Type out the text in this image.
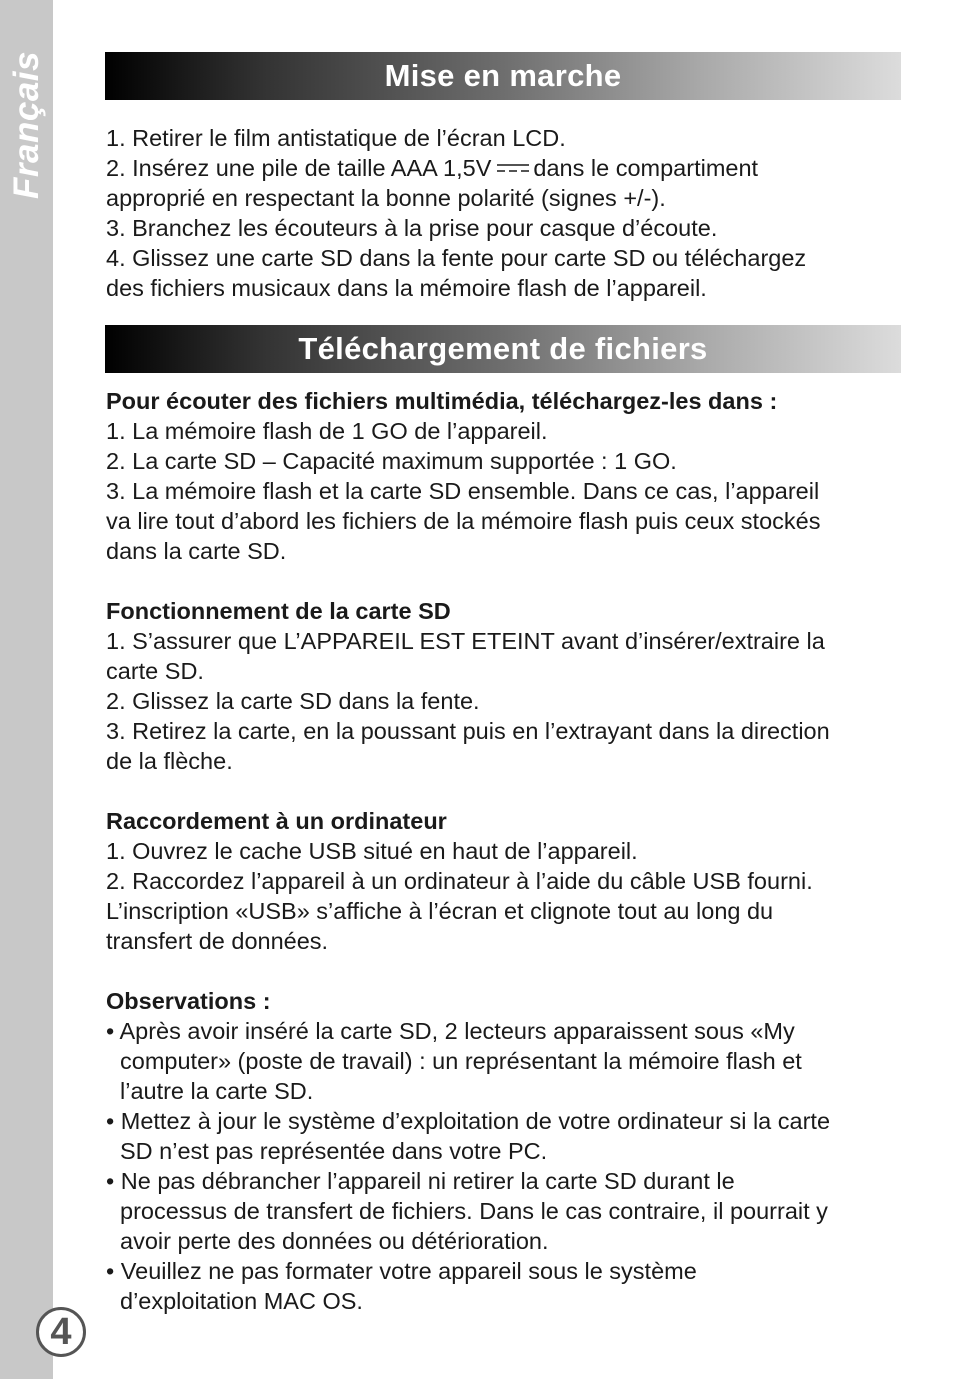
Français
4
Mise en marche

1. Retirer le film antistatique de l’écran LCD.

2. Insérez une pile de taille AAA 1,5V dans le compartiment

approprié en respectant la bonne polarité (signes +/-).

3. Branchez les écouteurs à la prise pour casque d’écoute.

4. Glissez une carte SD dans la fente pour carte SD ou téléchargez

des fichiers musicaux dans la mémoire flash de l’appareil.

Téléchargement de fichiers

Pour écouter des fichiers multimédia, téléchargez-les dans :

1. La mémoire flash de 1 GO de l’appareil.

2. La carte SD – Capacité maximum supportée : 1 GO.

3. La mémoire flash et la carte SD ensemble. Dans ce cas, l’appareil

va lire tout d’abord les fichiers de la mémoire flash puis ceux stockés

dans la carte SD.

Fonctionnement de la carte SD

1. S’assurer que L’APPAREIL EST ETEINT avant d’insérer/extraire la

carte SD.

2. Glissez la carte SD dans la fente.

3. Retirez la carte, en la poussant puis en l’extrayant dans la direction

de la flèche.

Raccordement à un ordinateur

1. Ouvrez le cache USB situé en haut de l’appareil.

2. Raccordez l’appareil à un ordinateur à l’aide du câble USB fourni.

L’inscription «USB» s’affiche à l’écran et clignote tout au long du

transfert de données.

Observations :

• Après avoir inséré la carte SD, 2 lecteurs apparaissent sous «My

computer» (poste de travail) : un représentant la mémoire flash et

l’autre la carte SD.

• Mettez à jour le système d’exploitation de votre ordinateur si la carte

SD n’est pas représentée dans votre PC.

• Ne pas débrancher l’appareil ni retirer la carte SD durant le

processus de transfert de fichiers. Dans le cas contraire, il pourrait y

avoir perte des données ou détérioration.

• Veuillez ne pas formater votre appareil sous le système

d’exploitation MAC OS.
